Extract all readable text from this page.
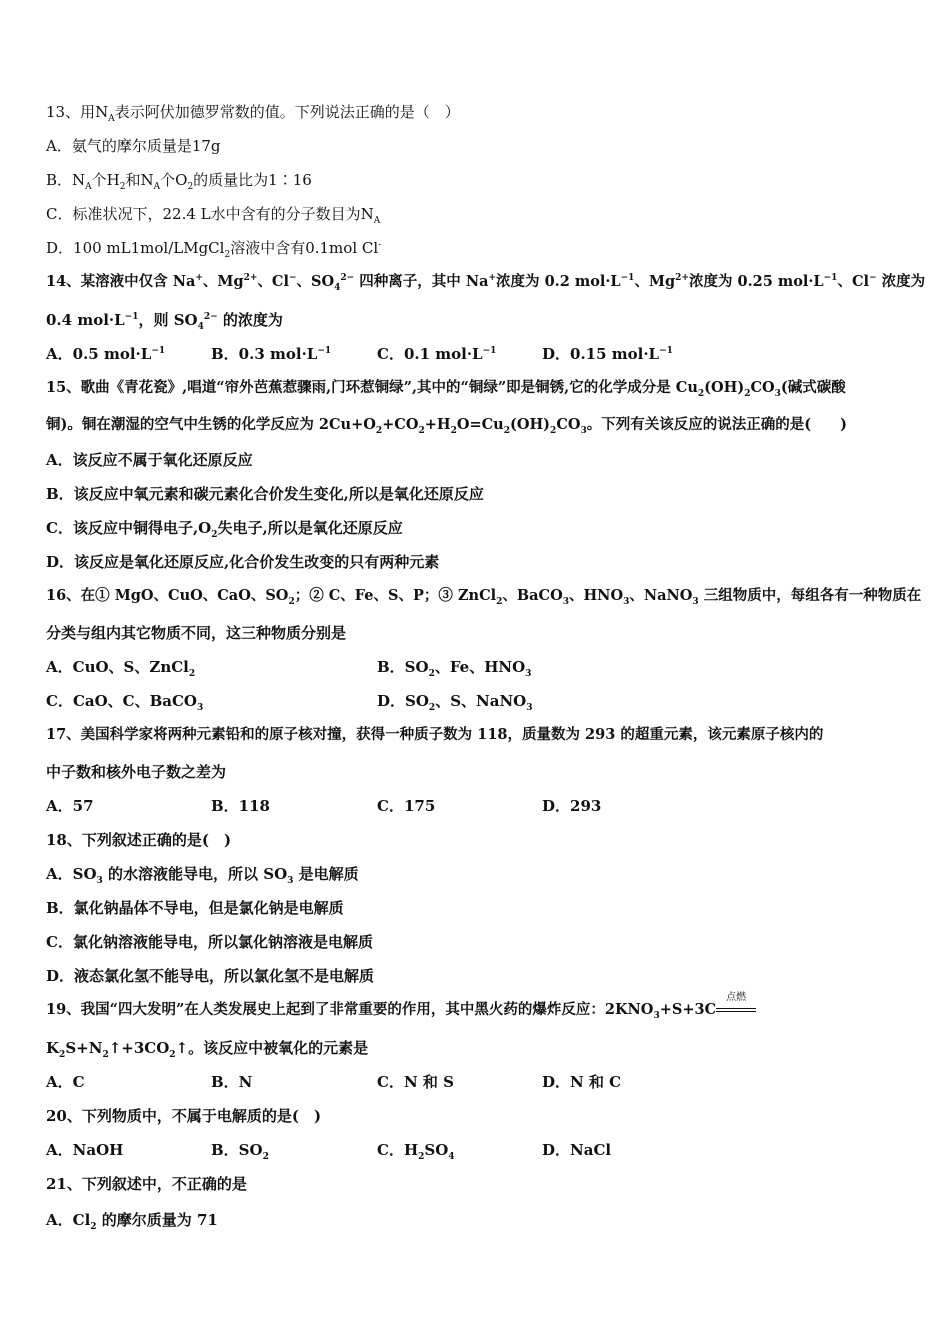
13、用$N_A$表示阿伏加德罗常数的值。下列说法正确的是（　）
A．氨气的摩尔质量是17g
B．$N_A$个$H_2$和$N_A$个$O_2$的质量比为1∶16
C．标准状况下，22.4 L水中含有的分子数目为$N_A$
D．100 mL1mol/LMgCl$_2$溶液中含有0.1mol Cl-
14、某溶液中仅含 Na+、$Mg^{2+}$、Cl−、$SO_4^{2-}$ 四种离子，其中 Na+浓度为 0.2 $mol\cdot L^{-1}$、$Mg^{2+}$浓度为 0.25 $mol\cdot L^{-1}$、Cl− 浓度为
0.4 $mol\cdot L^{-1}$，则 $SO_4^{2-}$ 的浓度为
A．0.5 $mol\cdot L^{-1}$	B．0.3 $mol\cdot L^{-1}$	C．0.1 $mol\cdot L^{-1}$	D．0.15 $mol\cdot L^{-1}$
15、歌曲《青花瓷》,唱道“帘外芭蕉惹骤雨,门环惹铜绿”,其中的“铜绿”即是铜锈,它的化学成分是 $Cu_2(OH)_2CO_3$(碱式碳酸
铜)。铜在潮湿的空气中生锈的化学反应为 $2Cu+O_2+CO_2+H_2O=Cu_2(OH)_2CO_3$。下列有关该反应的说法正确的是(　　)
A．该反应不属于氧化还原反应
B．该反应中氧元素和碳元素化合价发生变化,所以是氧化还原反应
C．该反应中铜得电子$,O_2$失电子,所以是氧化还原反应
D．该反应是氧化还原反应,化合价发生改变的只有两种元素
16、在① MgO、CuO、CaO、$SO_2$；② C、Fe、S、P；③ ZnCl$_2$、BaCO$_3$、$HNO_3$、NaNO$_3$ 三组物质中，每组各有一种物质在
分类与组内其它物质不同，这三种物质分别是
A．CuO、S、ZnCl$_2$	B．$SO_2$、Fe、$HNO_3$
C．CaO、C、BaCO$_3$	D．$SO_2$、S、NaNO$_3$
17、美国科学家将两种元素铅和的原子核对撞，获得一种质子数为 118，质量数为 293 的超重元素，该元素原子核内的
中子数和核外电子数之差为
A．57	B．118	C．175	D．293
18、下列叙述正确的是(　)
A．$SO_3$ 的水溶液能导电，所以 $SO_3$ 是电解质
B．氯化钠晶体不导电，但是氯化钠是电解质
C．氯化钠溶液能导电，所以氯化钠溶液是电解质
D．液态氯化氢不能导电，所以氯化氢不是电解质
19、我国“四大发明”在人类发展史上起到了非常重要的作用，其中黑火药的爆炸反应：$2KNO_3+S+3C$
点燃
$K_2S+N_2↑+3CO_2↑$。该反应中被氧化的元素是
A．C	B．N	C．N 和 S	D．N 和 C
20、下列物质中，不属于电解质的是(　)
A．NaOH	B．$SO_2$	C．$H_2SO_4$	D．NaCl
21、下列叙述中，不正确的是
A．$Cl_2$ 的摩尔质量为 71
